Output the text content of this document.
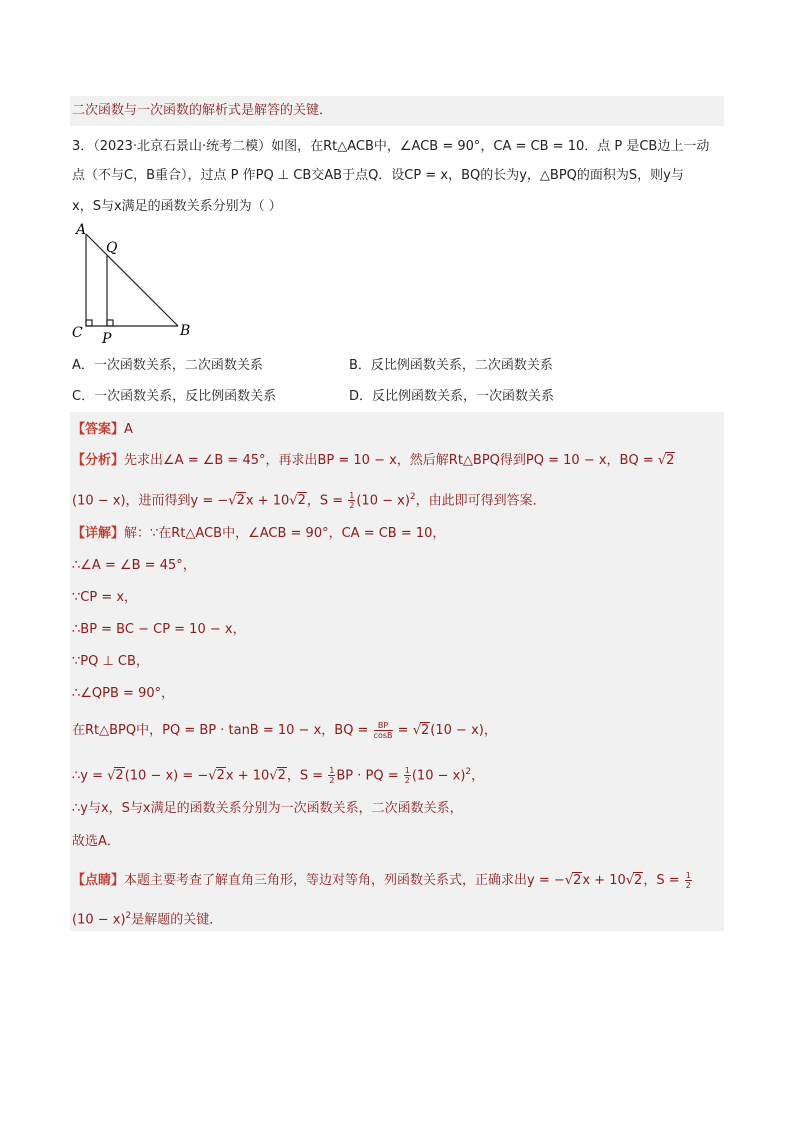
二次函数与一次函数的解析式是解答的关键．
3．（2023·北京石景山·统考二模）如图，在Rt△ACB中，∠ACB = 90°，CA = CB = 10．点 P 是CB边上一动
点（不与C，B重合），过点 P 作PQ ⊥ CB交AB于点Q．设CP = x，BQ的长为y，△BPQ的面积为S，则y与
x，S与x满足的函数关系分别为（ ）
A
Q
C P	B
A．一次函数关系，二次函数关系	B．反比例函数关系，二次函数关系
C．一次函数关系，反比例函数关系	D．反比例函数关系，一次函数关系
【答案】A
【分析】先求出∠A = ∠B = 45°，再求出BP = 10 − x，然后解Rt△BPQ得到PQ = 10 − x，BQ = √2
(10 − x)，进而得到y = −√2x + 10√2，$S = \frac{1}{2} (10 - x)^2$，由此即可得到答案．
【详解】解：∵在Rt△ACB中，∠ACB = 90°，CA = CB = 10，
∴∠A = ∠B = 45°，
∵CP = x，
∴BP = BC − CP = 10 − x，
∵PQ ⊥ CB，
∴∠QPB = 90°，
在Rt△BPQ中，PQ = BP · tanB = 10 − x，BQ = $\frac{BP}{\cos B} = √2(10 - x)$，
∴y = √2(10 − x) = −√2x + 10√2，$S = \frac{1}{2}$ BP · PQ = $\frac{1}{2} (10 - x)^2$，
∴y与x，S与x满足的函数关系分别为一次函数关系，二次函数关系，
故选A．
【点睛】本题主要考查了解直角三角形，等边对等角，列函数关系式，正确求出y = −√2x + 10√2，$S = \frac{1}{2}$
$(10 - x)^2$是解题的关键．
